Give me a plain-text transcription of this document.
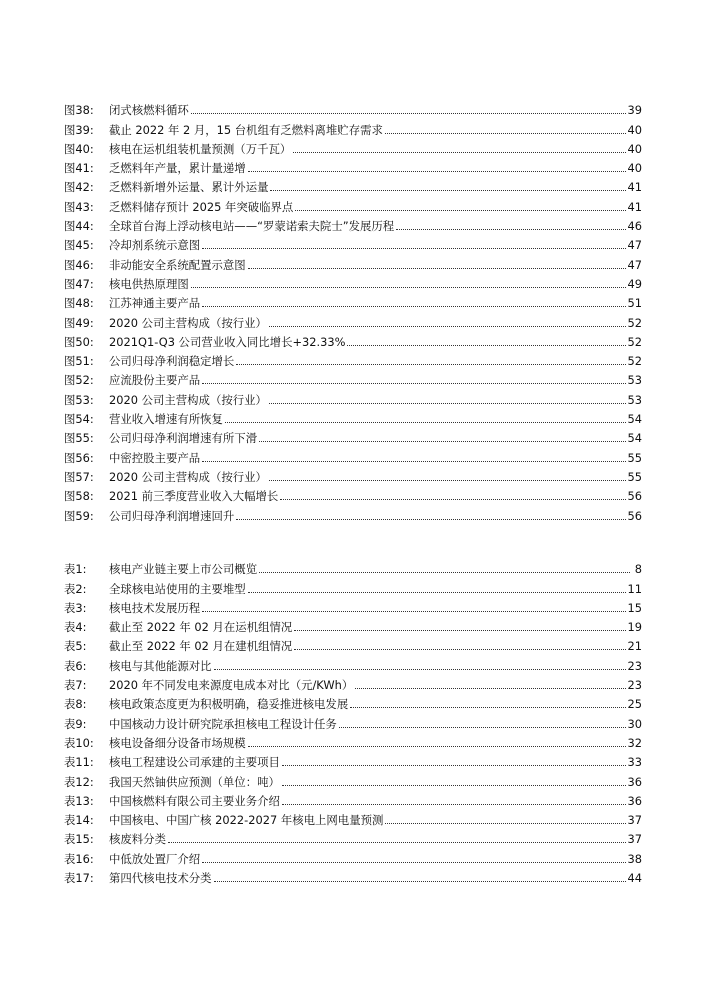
图38:	闭式核燃料循环	39
图39:	截止 2022 年 2 月，15 台机组有乏燃料离堆贮存需求	40
图40:	核电在运机组装机量预测（万千瓦）	40
图41:	乏燃料年产量，累计量递增	40
图42:	乏燃料新增外运量、累计外运量	41
图43:	乏燃料储存预计 2025 年突破临界点	41
图44:	全球首台海上浮动核电站——“罗蒙诺索夫院士”发展历程	46
图45:	冷却剂系统示意图	47
图46:	非动能安全系统配置示意图	47
图47:	核电供热原理图	49
图48:	江苏神通主要产品	51
图49:	2020 公司主营构成（按行业）	52
图50:	2021Q1-Q3 公司营业收入同比增长+32.33%	52
图51:	公司归母净利润稳定增长	52
图52:	应流股份主要产品	53
图53:	2020 公司主营构成（按行业）	53
图54:	营业收入增速有所恢复	54
图55:	公司归母净利润增速有所下滑	54
图56:	中密控股主要产品	55
图57:	2020 公司主营构成（按行业）	55
图58:	2021 前三季度营业收入大幅增长	56
图59:	公司归母净利润增速回升	56
表1:	核电产业链主要上市公司概览	8
表2:	全球核电站使用的主要堆型	11
表3:	核电技术发展历程	15
表4:	截止至 2022 年 02 月在运机组情况	19
表5:	截止至 2022 年 02 月在建机组情况	21
表6:	核电与其他能源对比	23
表7:	2020 年不同发电来源度电成本对比（元/KWh）	23
表8:	核电政策态度更为积极明确，稳妥推进核电发展	25
表9:	中国核动力设计研究院承担核电工程设计任务	30
表10:	核电设备细分设备市场规模	32
表11:	核电工程建设公司承建的主要项目	33
表12:	我国天然铀供应预测（单位：吨）	36
表13:	中国核燃料有限公司主要业务介绍	36
表14:	中国核电、中国广核 2022-2027 年核电上网电量预测	37
表15:	核废料分类	37
表16:	中低放处置厂介绍	38
表17:	第四代核电技术分类	44
